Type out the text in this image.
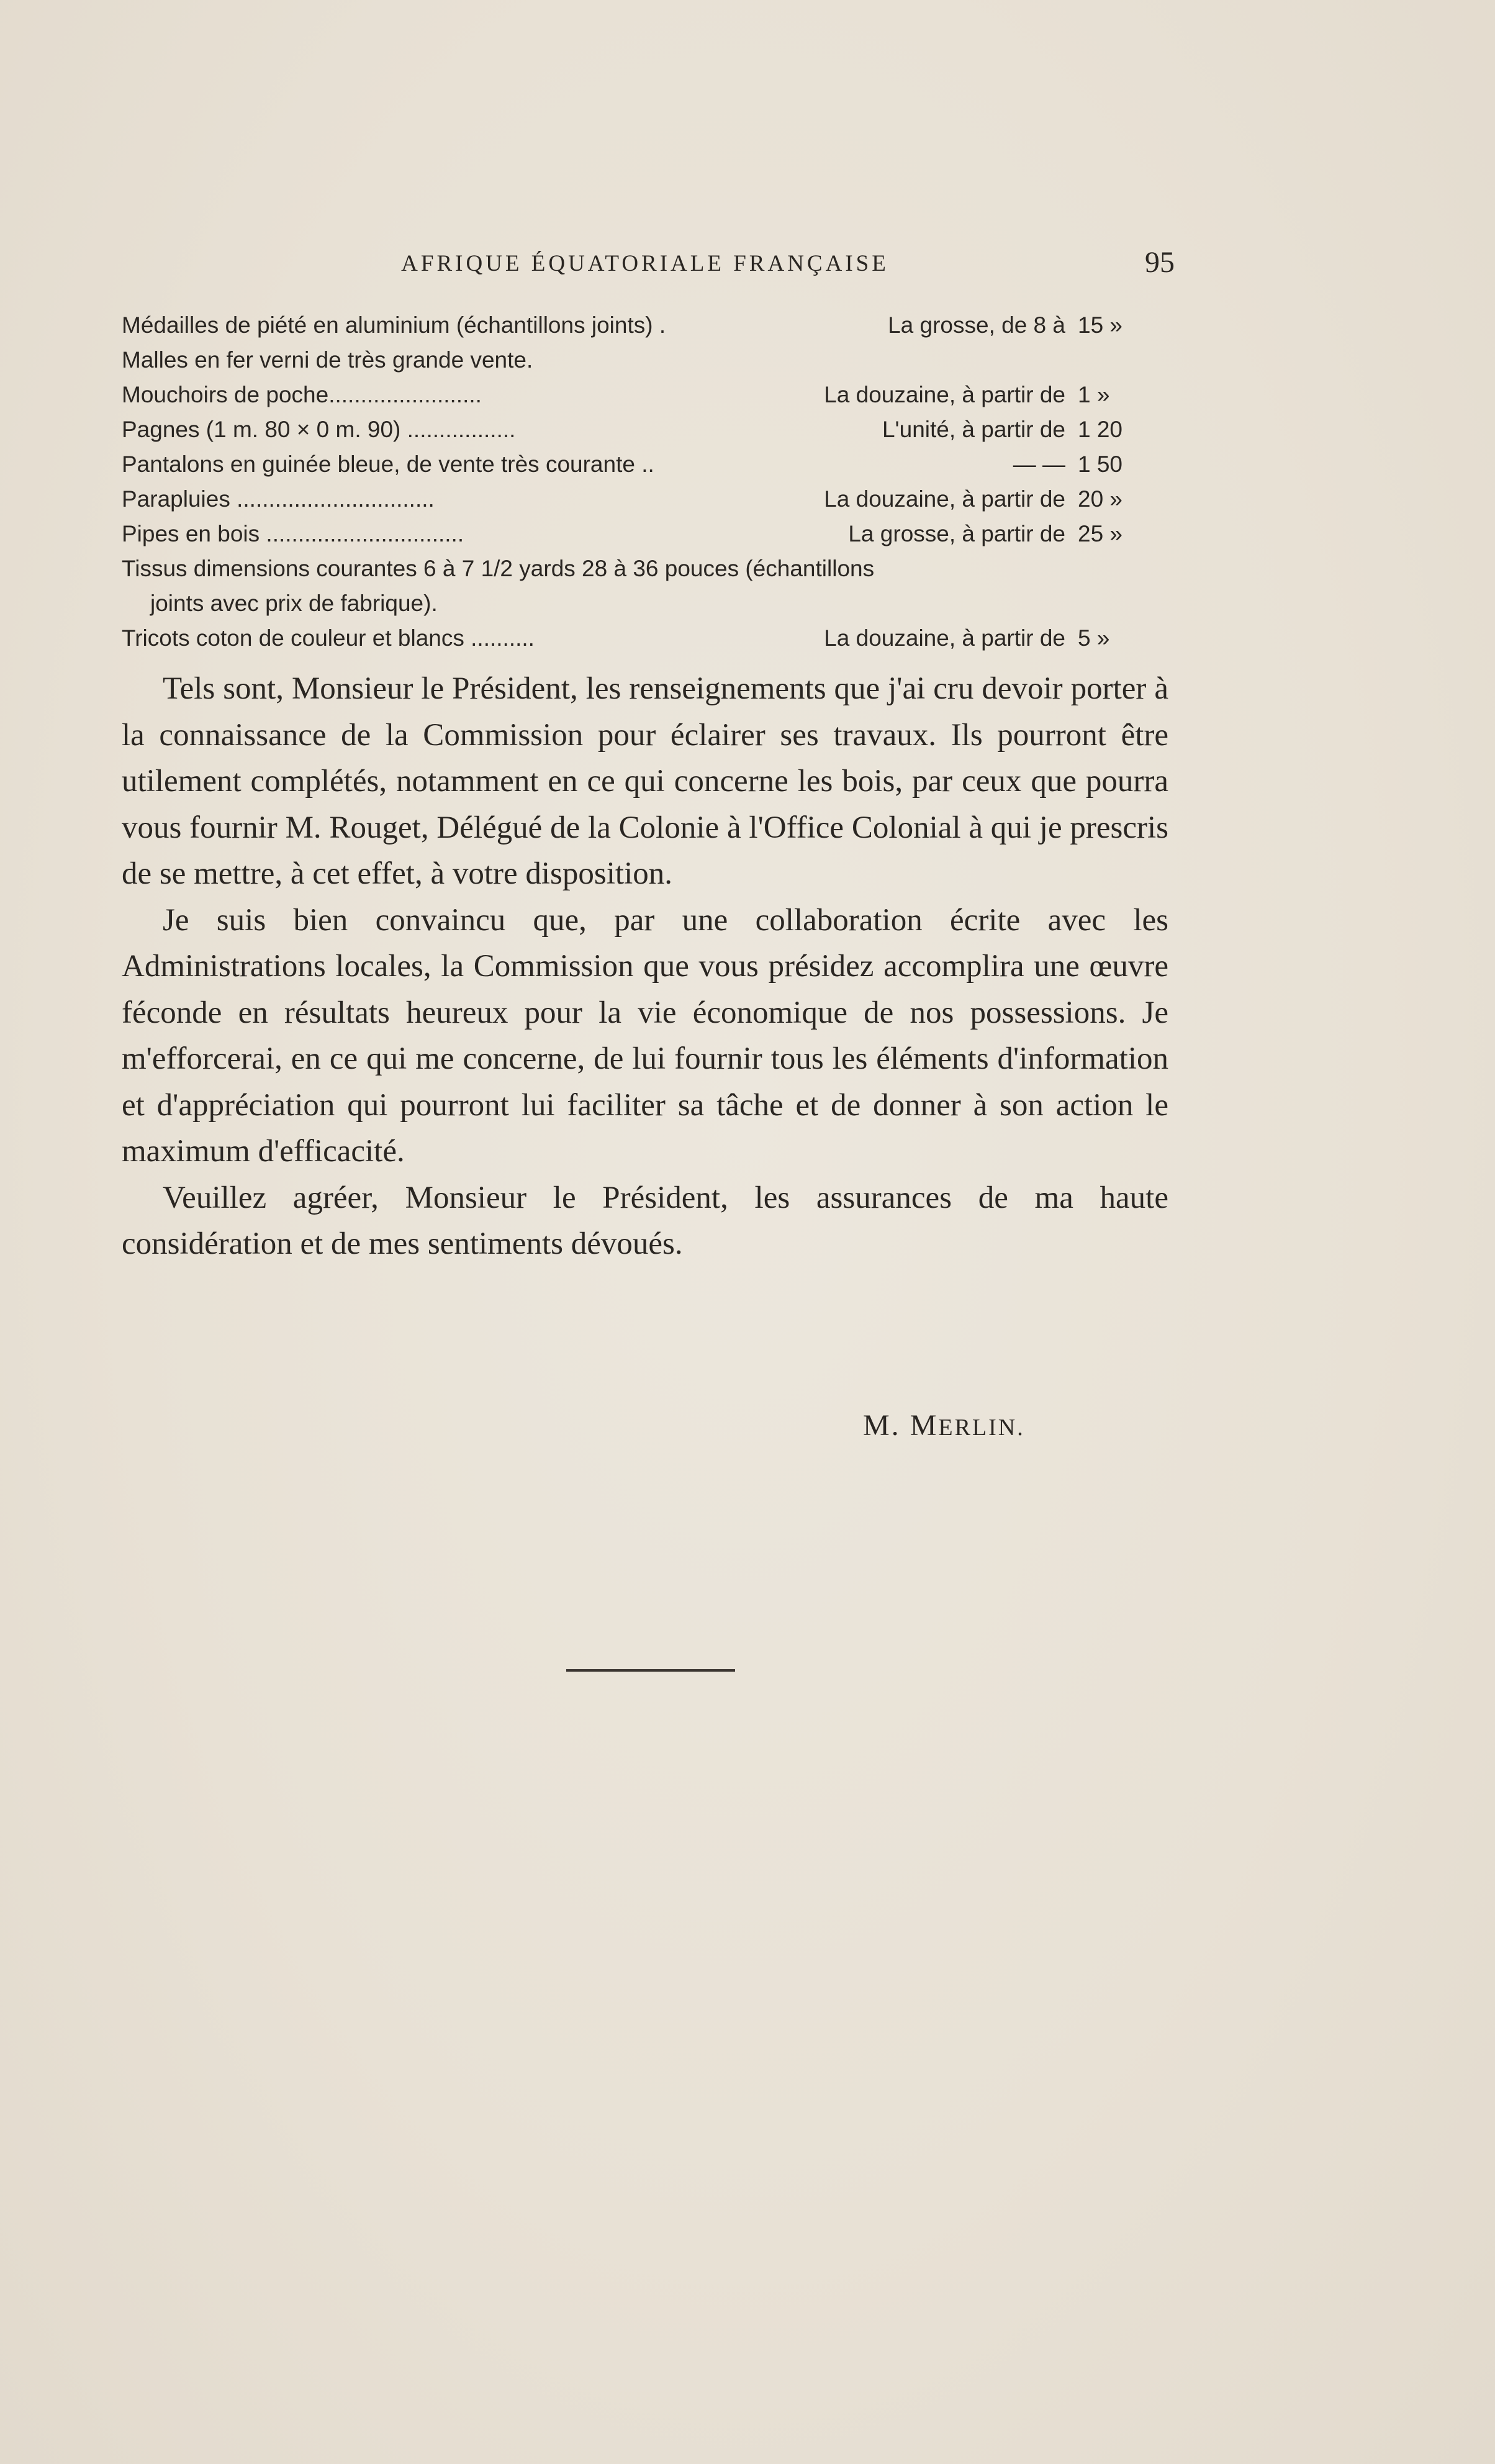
AFRIQUE ÉQUATORIALE FRANÇAISE	95
Médailles de piété en aluminium (échantillons joints) .	La grosse, de 8 à 15 »
Malles en fer verni de très grande vente.
Mouchoirs de poche........................	La douzaine, à partir de 1 »
Pagnes (1 m. 80 × 0 m. 90) .................	L'unité, à partir de 1 20
Pantalons en guinée bleue, de vente très courante ..	— — 1 50
Parapluies ...............................	La douzaine, à partir de 20 »
Pipes en bois ...............................	La grosse, à partir de 25 »
Tissus dimensions courantes 6 à 7 1/2 yards 28 à 36 pouces (échantillons
joints avec prix de fabrique).
Tricots coton de couleur et blancs ..........	La douzaine, à partir de 5 »

Tels sont, Monsieur le Président, les renseignements que j'ai cru devoir porter à la connaissance de la Commission pour éclairer ses travaux. Ils pourront être utilement complétés, notamment en ce qui concerne les bois, par ceux que pourra vous fournir M. Rouget, Délégué de la Colonie à l'Office Colonial à qui je prescris de se mettre, à cet effet, à votre disposition.

Je suis bien convaincu que, par une collaboration écrite avec les Administrations locales, la Commission que vous présidez accomplira une œuvre féconde en résultats heureux pour la vie économique de nos possessions. Je m'efforcerai, en ce qui me concerne, de lui fournir tous les éléments d'information et d'appréciation qui pourront lui faciliter sa tâche et de donner à son action le maximum d'efficacité.

Veuillez agréer, Monsieur le Président, les assurances de ma haute considération et de mes sentiments dévoués.

M. MERLIN.
